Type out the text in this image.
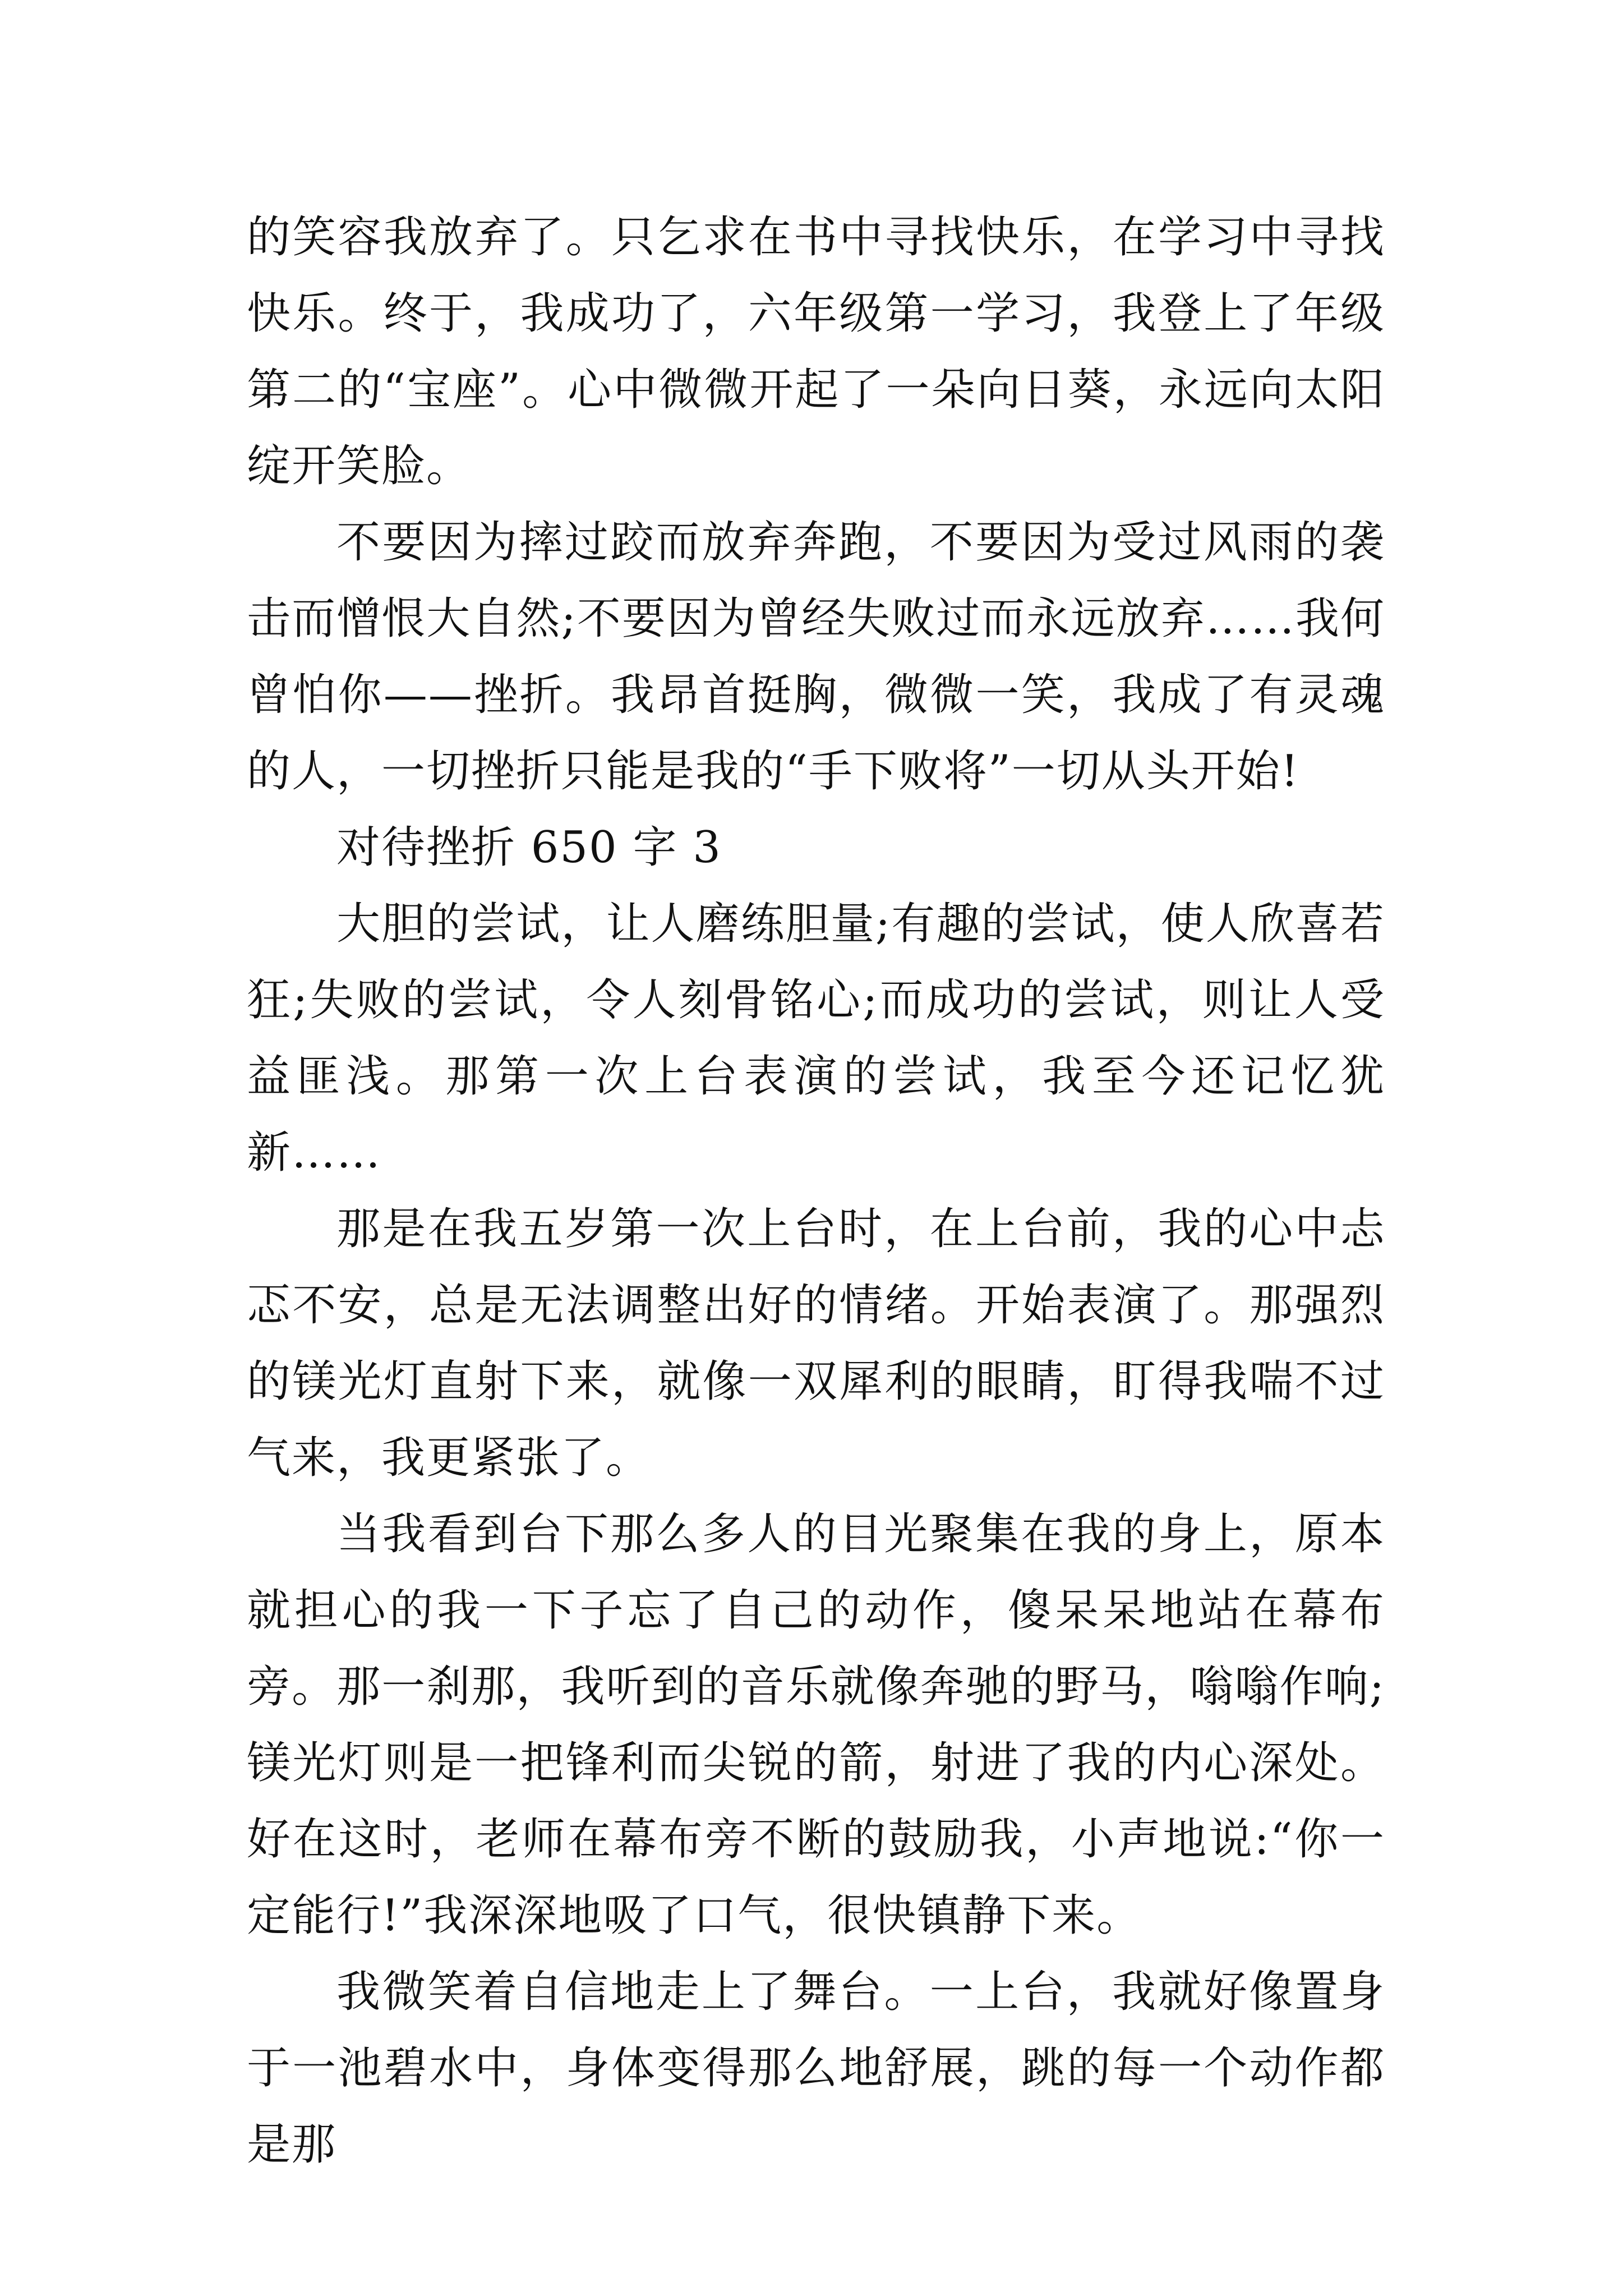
的笑容我放弃了。只乞求在书中寻找快乐，在学习中寻找快乐。终于，我成功了，六年级第一学习，我登上了年级第二的“宝座”。心中微微开起了一朵向日葵，永远向太阳绽开笑脸。

不要因为摔过跤而放弃奔跑，不要因为受过风雨的袭击而憎恨大自然;不要因为曾经失败过而永远放弃……我何曾怕你——挫折。我昂首挺胸，微微一笑，我成了有灵魂的人，一切挫折只能是我的“手下败将”一切从头开始!

对待挫折 650 字 3

大胆的尝试，让人磨练胆量;有趣的尝试，使人欣喜若狂;失败的尝试，令人刻骨铭心;而成功的尝试，则让人受益匪浅。那第一次上台表演的尝试，我至今还记忆犹新……

那是在我五岁第一次上台时，在上台前，我的心中忐忑不安，总是无法调整出好的情绪。开始表演了。那强烈的镁光灯直射下来，就像一双犀利的眼睛，盯得我喘不过气来，我更紧张了。

当我看到台下那么多人的目光聚集在我的身上，原本就担心的我一下子忘了自己的动作，傻呆呆地站在幕布旁。那一刹那，我听到的音乐就像奔驰的野马，嗡嗡作响;镁光灯则是一把锋利而尖锐的箭，射进了我的内心深处。好在这时，老师在幕布旁不断的鼓励我，小声地说:“你一定能行!”我深深地吸了口气，很快镇静下来。

我微笑着自信地走上了舞台。一上台，我就好像置身于一池碧水中，身体变得那么地舒展，跳的每一个动作都是那
